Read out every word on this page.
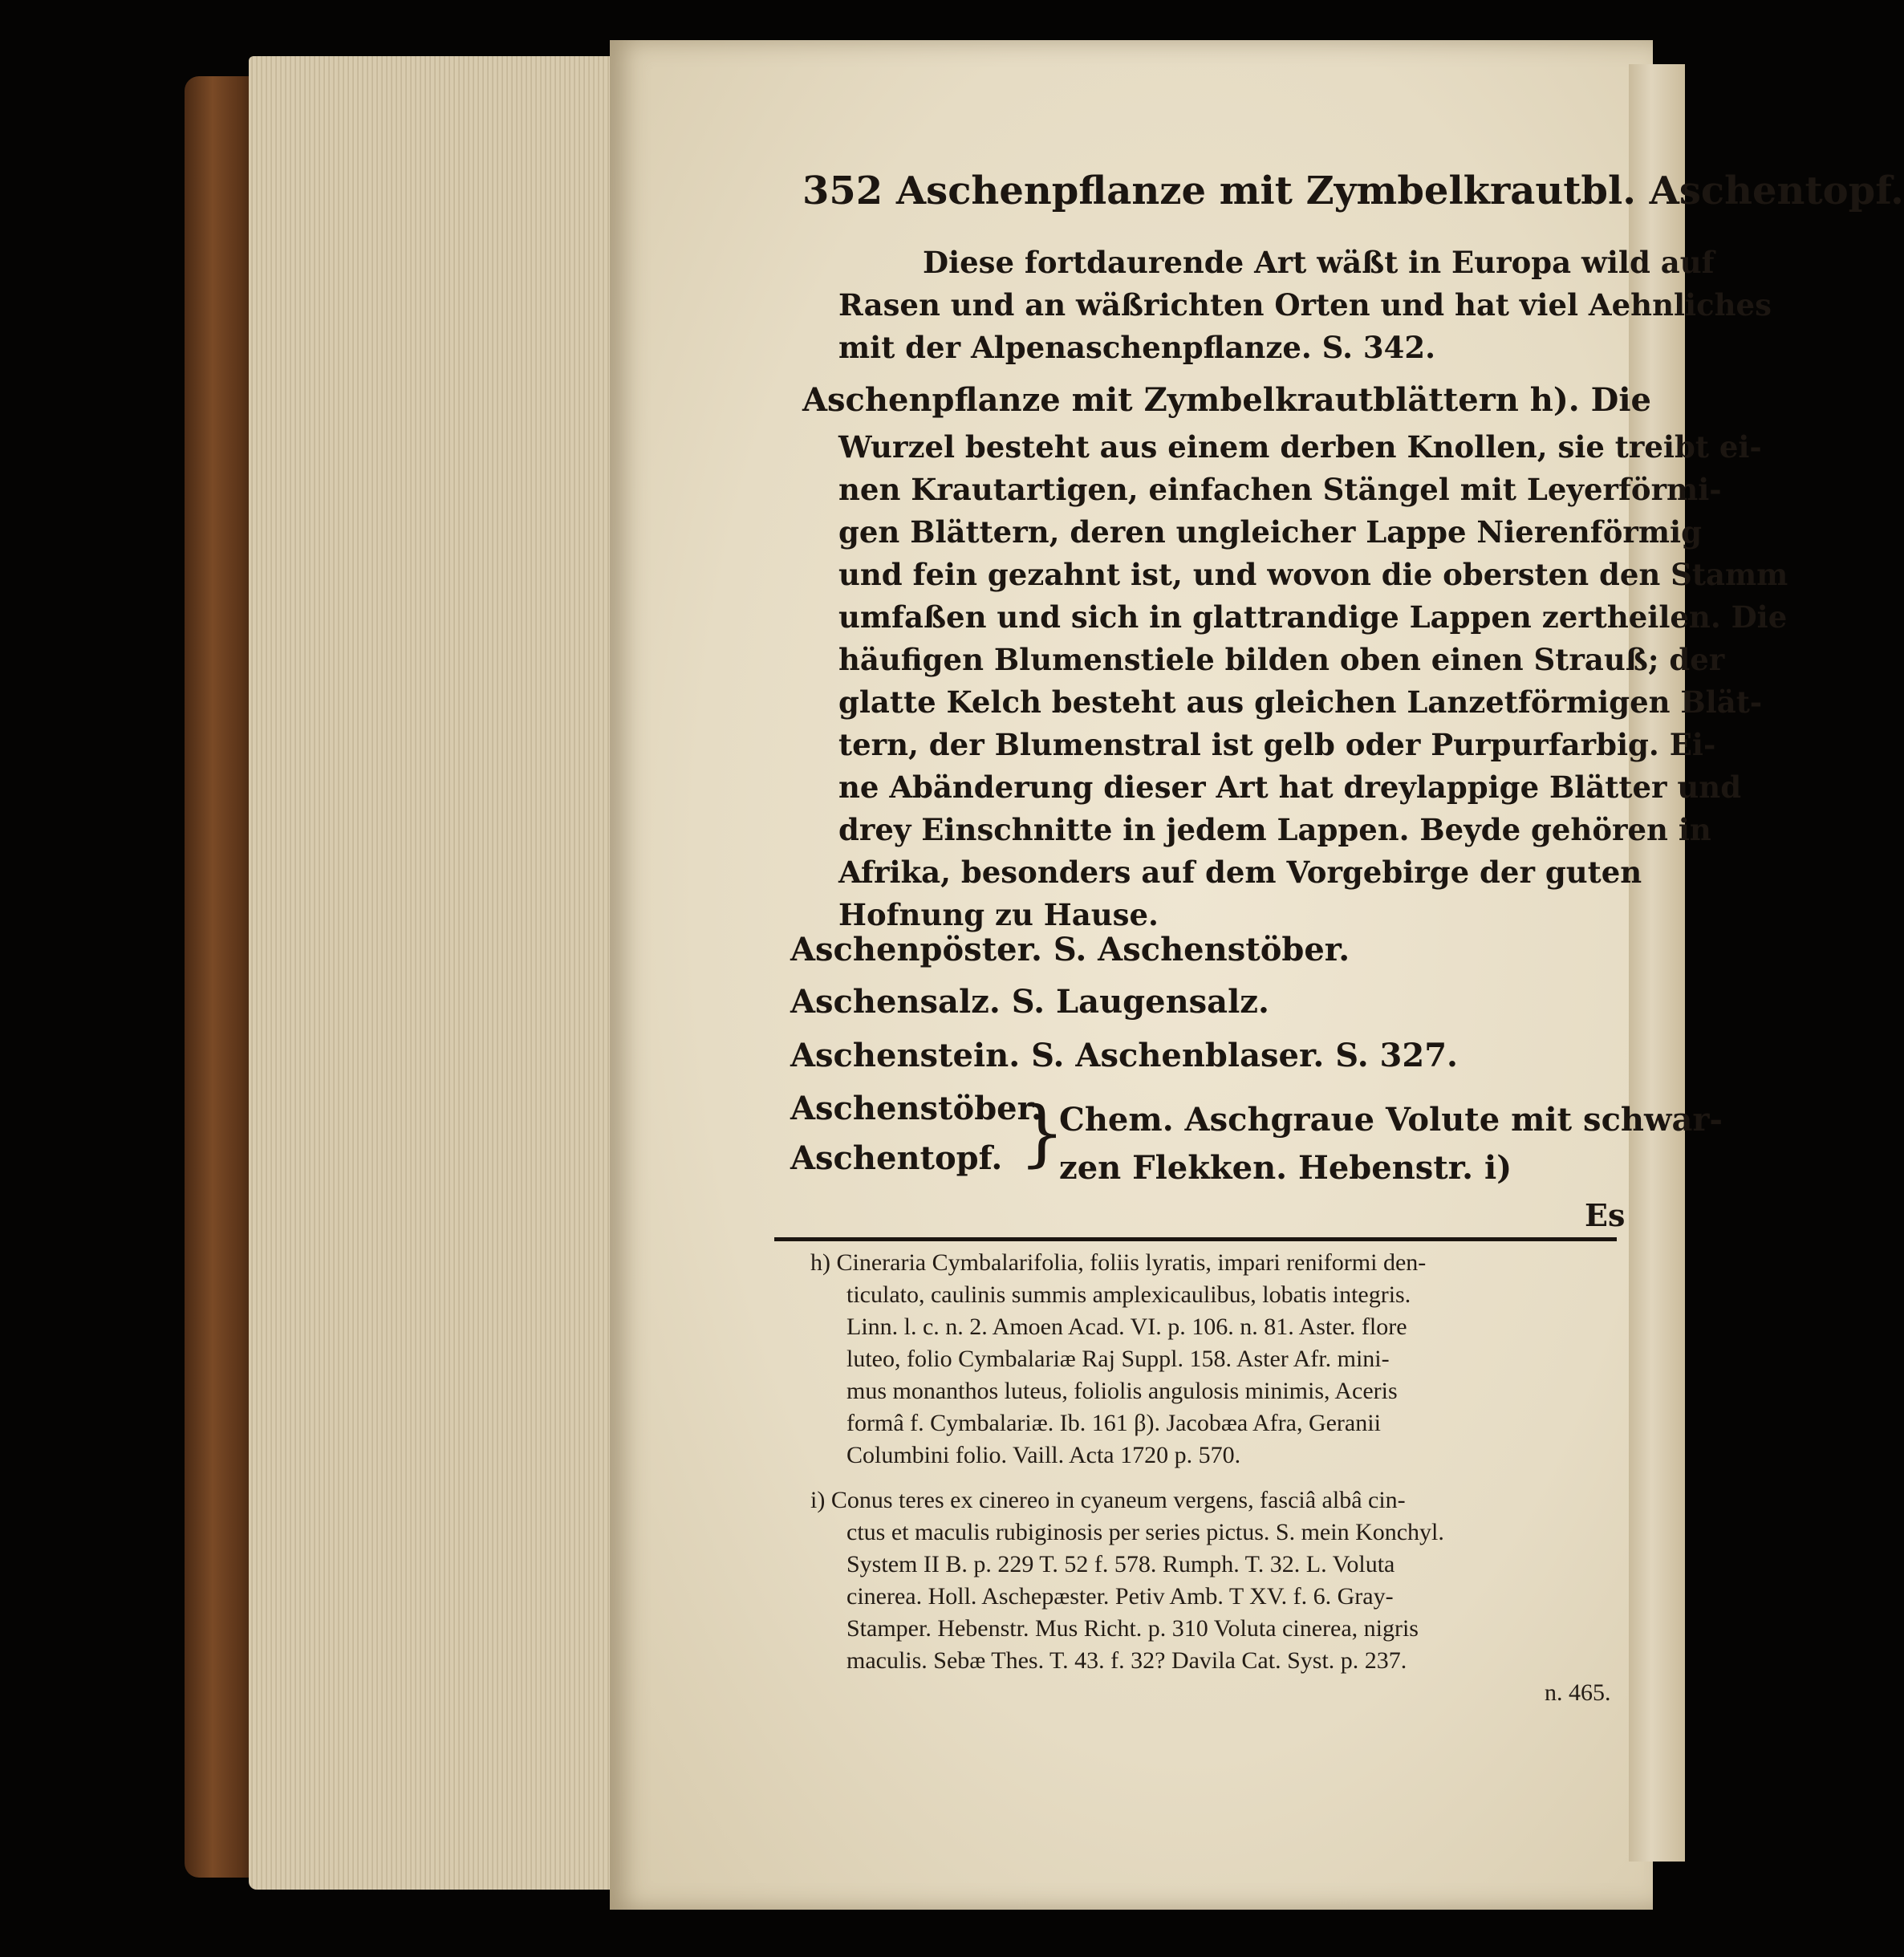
352 Aschenpflanze mit Zymbelkrautbl. Aschentopf.
Diese fortdaurende Art wäßt in Europa wild auf
Rasen und an wäßrichten Orten und hat viel Aehnliches
mit der Alpenaschenpflanze. S. 342.
Aschenpflanze mit Zymbelkrautblättern h). Die
Wurzel besteht aus einem derben Knollen, sie treibt ei-
nen Krautartigen, einfachen Stängel mit Leyerförmi-
gen Blättern, deren ungleicher Lappe Nierenförmig
und fein gezahnt ist, und wovon die obersten den Stamm
umfaßen und sich in glattrandige Lappen zertheilen. Die
häufigen Blumenstiele bilden oben einen Strauß; der
glatte Kelch besteht aus gleichen Lanzetförmigen Blät-
tern, der Blumenstral ist gelb oder Purpurfarbig. Ei-
ne Abänderung dieser Art hat dreylappige Blätter und
drey Einschnitte in jedem Lappen. Beyde gehören in
Afrika, besonders auf dem Vorgebirge der guten
Hofnung zu Hause.
Aschenpöster. S. Aschenstöber.
Aschensalz. S. Laugensalz.
Aschenstein. S. Aschenblaser. S. 327.
Aschenstöber.
Aschentopf. }
Chem. Aschgraue Volute mit schwar-
zen Flekken. Hebenstr. i)
Es
h) Cineraria Cymbalarifolia, foliis lyratis, impari reniformi den-
ticulato, caulinis summis amplexicaulibus, lobatis integris.
Linn. l. c. n. 2. Amoen Acad. VI. p. 106. n. 81. Aster. flore
luteo, folio Cymbalariæ Raj Suppl. 158. Aster Afr. mini-
mus monanthos luteus, foliolis angulosis minimis, Aceris
formâ f. Cymbalariæ. Ib. 161 β). Jacobæa Afra, Geranii
Columbini folio. Vaill. Acta 1720 p. 570.
i) Conus teres ex cinereo in cyaneum vergens, fasciâ albâ cin-
ctus et maculis rubiginosis per series pictus. S. mein Konchyl.
System II B. p. 229 T. 52 f. 578. Rumph. T. 32. L. Voluta
cinerea. Holl. Aschepæster. Petiv Amb. T XV. f. 6. Gray-
Stamper. Hebenstr. Mus Richt. p. 310 Voluta cinerea, nigris
maculis. Sebæ Thes. T. 43. f. 32? Davila Cat. Syst. p. 237.
n. 465.
